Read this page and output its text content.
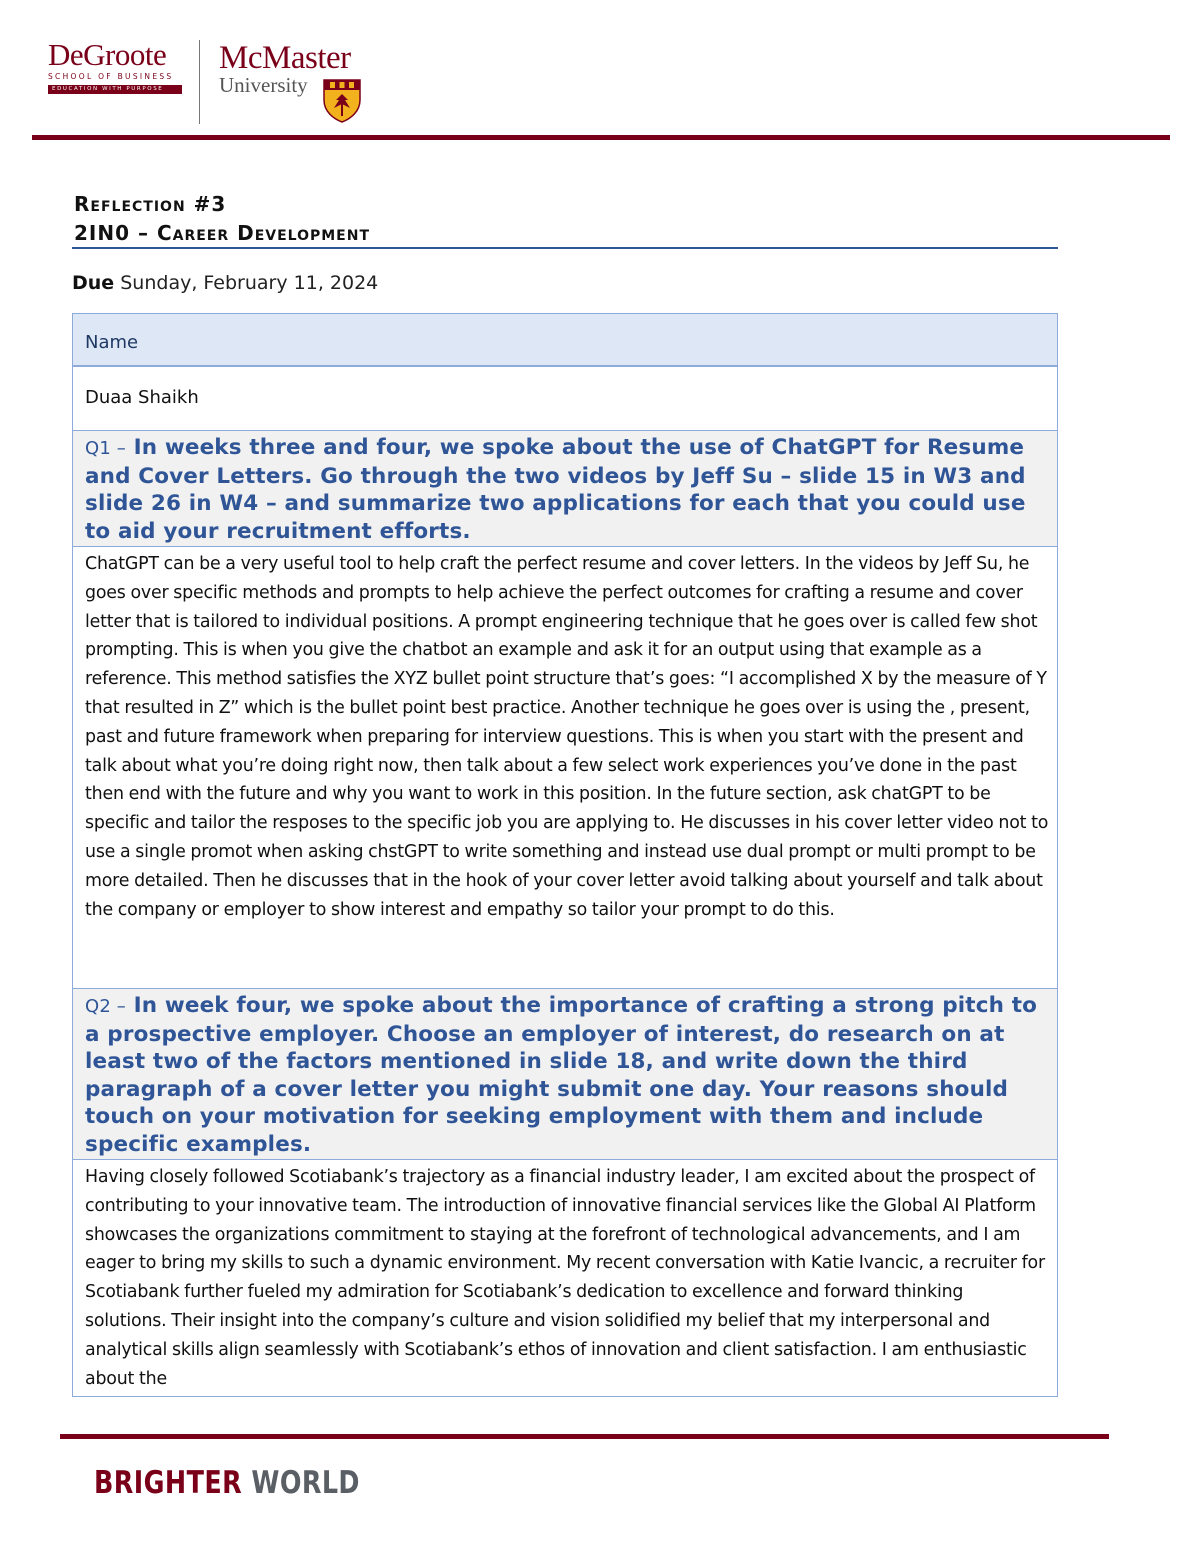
DeGroote
SCHOOL OF BUSINESS
EDUCATION WITH PURPOSE
McMaster
University
Reflection #3
2IN0 – Career Development
Due Sunday, February 11, 2024
Name
Duaa Shaikh
Q1 – In weeks three and four, we spoke about the use of ChatGPT for Resume and Cover Letters. Go through the two videos by Jeff Su – slide 15 in W3 and slide 26 in W4 – and summarize two applications for each that you could use to aid your recruitment efforts.
ChatGPT can be a very useful tool to help craft the perfect resume and cover letters. In the videos by Jeff Su, he goes over specific methods and prompts to help achieve the perfect outcomes for crafting a resume and cover letter that is tailored to individual positions. A prompt engineering technique that he goes over is called few shot prompting. This is when you give the chatbot an example and ask it for an output using that example as a reference. This method satisfies the XYZ bullet point structure that’s goes: “I accomplished X by the measure of Y that resulted in Z” which is the bullet point best practice. Another technique he goes over is using the , present, past and future framework when preparing for interview questions. This is when you start with the present and talk about what you’re doing right now, then talk about a few select work experiences you’ve done in the past then end with the future and why you want to work in this position. In the future section, ask chatGPT to be specific and tailor the resposes to the specific job you are applying to. He discusses in his cover letter video not to use a single promot when asking chstGPT to write something and instead use dual prompt or multi prompt to be more detailed. Then he discusses that in the hook of your cover letter avoid talking about yourself and talk about the company or employer to show interest and empathy so tailor your prompt to do this.
Q2 – In week four, we spoke about the importance of crafting a strong pitch to a prospective employer. Choose an employer of interest, do research on at least two of the factors mentioned in slide 18, and write down the third paragraph of a cover letter you might submit one day. Your reasons should touch on your motivation for seeking employment with them and include specific examples.
Having closely followed Scotiabank’s trajectory as a financial industry leader, I am excited about the prospect of contributing to your innovative team. The introduction of innovative financial services like the Global AI Platform showcases the organizations commitment to staying at the forefront of technological advancements, and I am eager to bring my skills to such a dynamic environment. My recent conversation with Katie Ivancic, a recruiter for Scotiabank further fueled my admiration for Scotiabank’s dedication to excellence and forward thinking solutions. Their insight into the company’s culture and vision solidified my belief that my interpersonal and analytical skills align seamlessly with Scotiabank’s ethos of innovation and client satisfaction. I am enthusiastic about the
BRIGHTER WORLD
